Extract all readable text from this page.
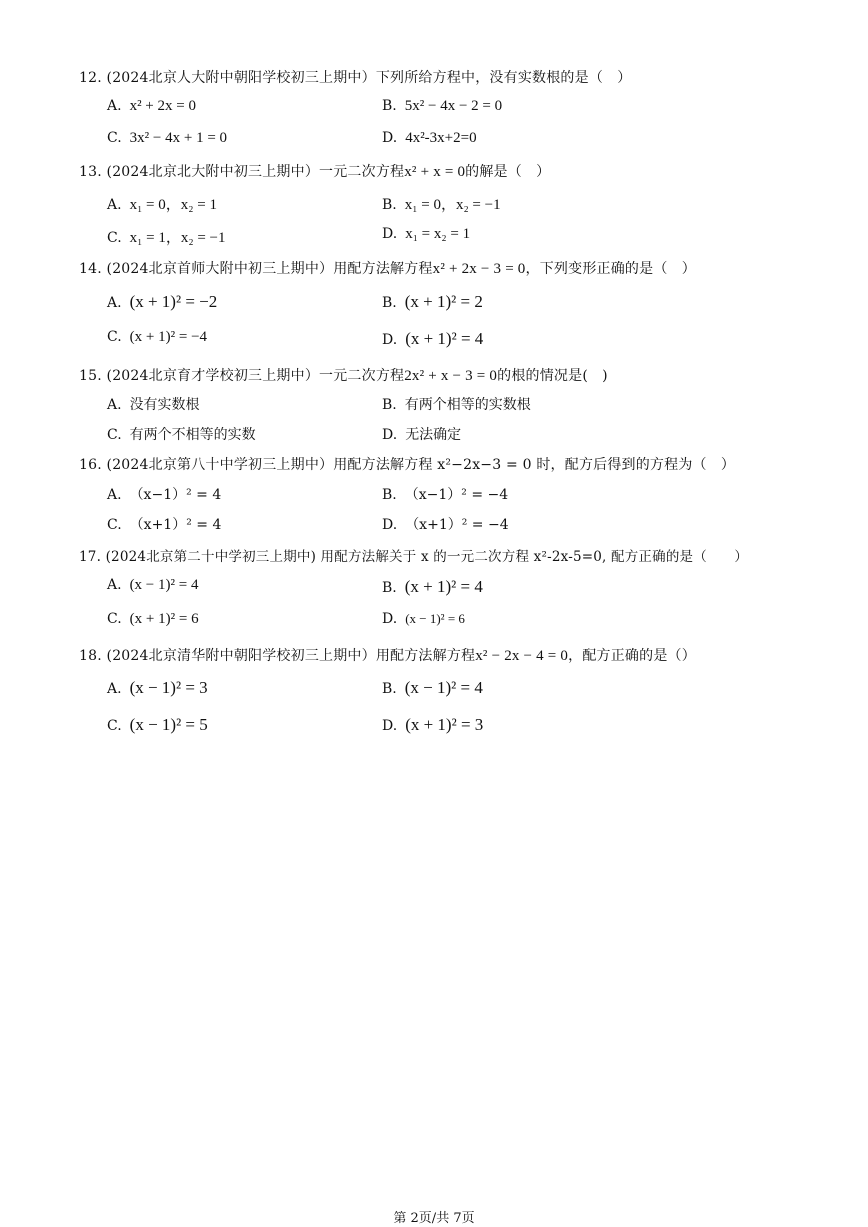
12. (2024北京人大附中朝阳学校初三上期中）下列所给方程中，没有实数根的是（　）
A. x² + 2x = 0	B. 5x² − 4x − 2 = 0
C. 3x² − 4x + 1 = 0	D. 4x²-3x+2=0
13. (2024北京北大附中初三上期中）一元二次方程x² + x = 0的解是（　）
A. x₁ = 0，x₂ = 1	B. x₁ = 0，x₂ = −1
C. x₁ = 1，x₂ = −1	D. x₁ = x₂ = 1
14. (2024北京首师大附中初三上期中）用配方法解方程x² + 2x − 3 = 0，下列变形正确的是（　）
A. (x + 1)² = −2	B. (x + 1)² = 2
C. (x + 1)² = −4	D. (x + 1)² = 4
15. (2024北京育才学校初三上期中）一元二次方程2x² + x − 3 = 0的根的情况是(　)
A. 没有实数根	B. 有两个相等的实数根
C. 有两个不相等的实数	D. 无法确定
16. (2024北京第八十中学初三上期中）用配方法解方程 x²−2x−3 = 0 时，配方后得到的方程为（　）
A. （x−1）² = 4	B. （x−1）² = −4
C. （x+1）² = 4	D. （x+1）² = −4
17. (2024北京第二十中学初三上期中) 用配方法解关于 x 的一元二次方程 x²-2x-5=0, 配方正确的是（　　）
A. (x − 1)² = 4	B. (x + 1)² = 4
C. (x + 1)² = 6	D. (x − 1)² = 6
18. (2024北京清华附中朝阳学校初三上期中）用配方法解方程x² − 2x − 4 = 0，配方正确的是（）
A. (x − 1)² = 3	B. (x − 1)² = 4
C. (x − 1)² = 5	D. (x + 1)² = 3
第 2页/共 7页
